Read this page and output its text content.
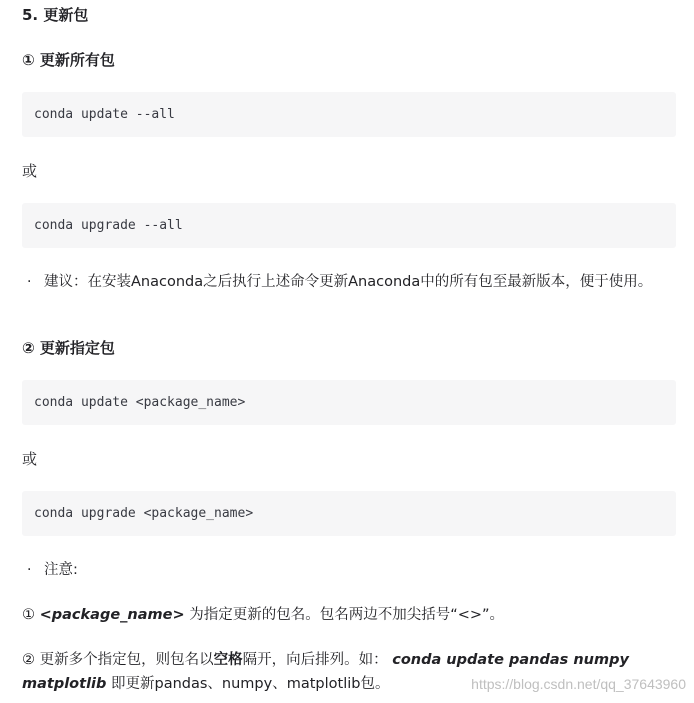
5. 更新包
① 更新所有包
conda update --all
或
conda upgrade --all
· 建议：在安装Anaconda之后执行上述命令更新Anaconda中的所有包至最新版本，便于使用。
② 更新指定包
conda update <package_name>
或
conda upgrade <package_name>
· 注意:
① <package_name> 为指定更新的包名。包名两边不加尖括号“<>”。
② 更新多个指定包，则包名以空格隔开，向后排列。如： conda update pandas numpy
matplotlib 即更新pandas、numpy、matplotlib包。	https://blog.csdn.net/qq_37643960
